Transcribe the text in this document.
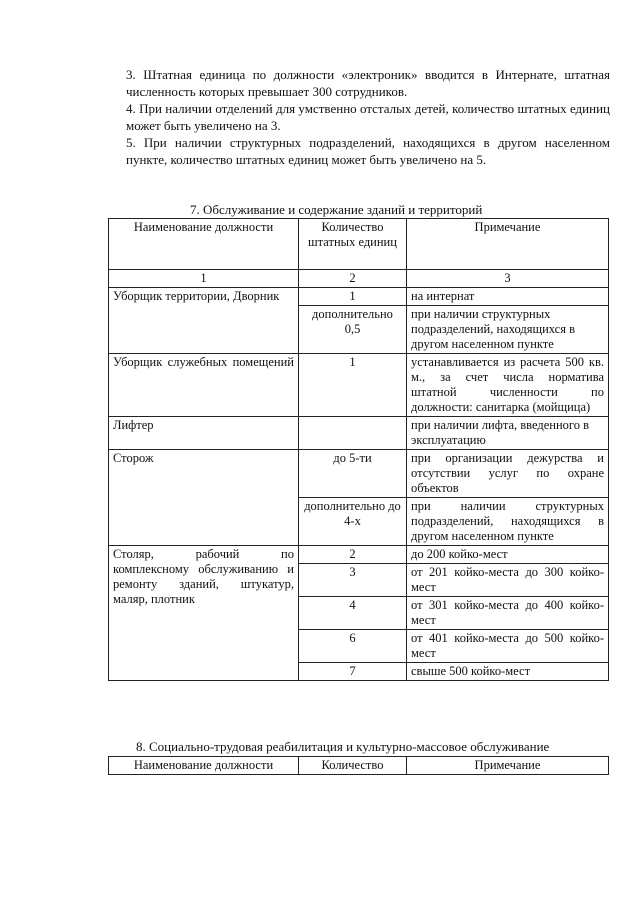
3. Штатная единица по должности «электроник» вводится в Интернате, штатная численность которых превышает 300 сотрудников.

4. При наличии отделений для умственно отсталых детей, количество штатных единиц может быть увеличено на 3.

5. При наличии структурных подразделений, находящихся в другом населенном пункте, количество штатных единиц может быть увеличено на 5.

7. Обслуживание и содержание зданий и территорий
Наименование должности	Количество штатных единиц	Примечание
1	2	3
Уборщик территории, Дворник	1	на интернат
	дополнительно 0,5	при наличии структурных подразделений, находящихся в другом населенном пункте
Уборщик служебных помещений	1	устанавливается из расчета 500 кв. м., за счет числа норматива штатной численности по должности: санитарка (мойщица)
Лифтер		при наличии лифта, введенного в эксплуатацию
Сторож	до 5-ти	при организации дежурства и отсутствии услуг по охране объектов
	дополнительно до 4-х	при наличии структурных подразделений, находящихся в другом населенном пункте
Столяр, рабочий по комплексному обслуживанию и ремонту зданий, штукатур, маляр, плотник	2	до 200 койко-мест
	3	от 201 койко-места до 300 койко-мест
	4	от 301 койко-места до 400 койко-мест
	6	от 401 койко-места до 500 койко-мест
	7	свыше 500 койко-мест
8. Социально-трудовая реабилитация и культурно-массовое обслуживание
Наименование должности	Количество	Примечание
